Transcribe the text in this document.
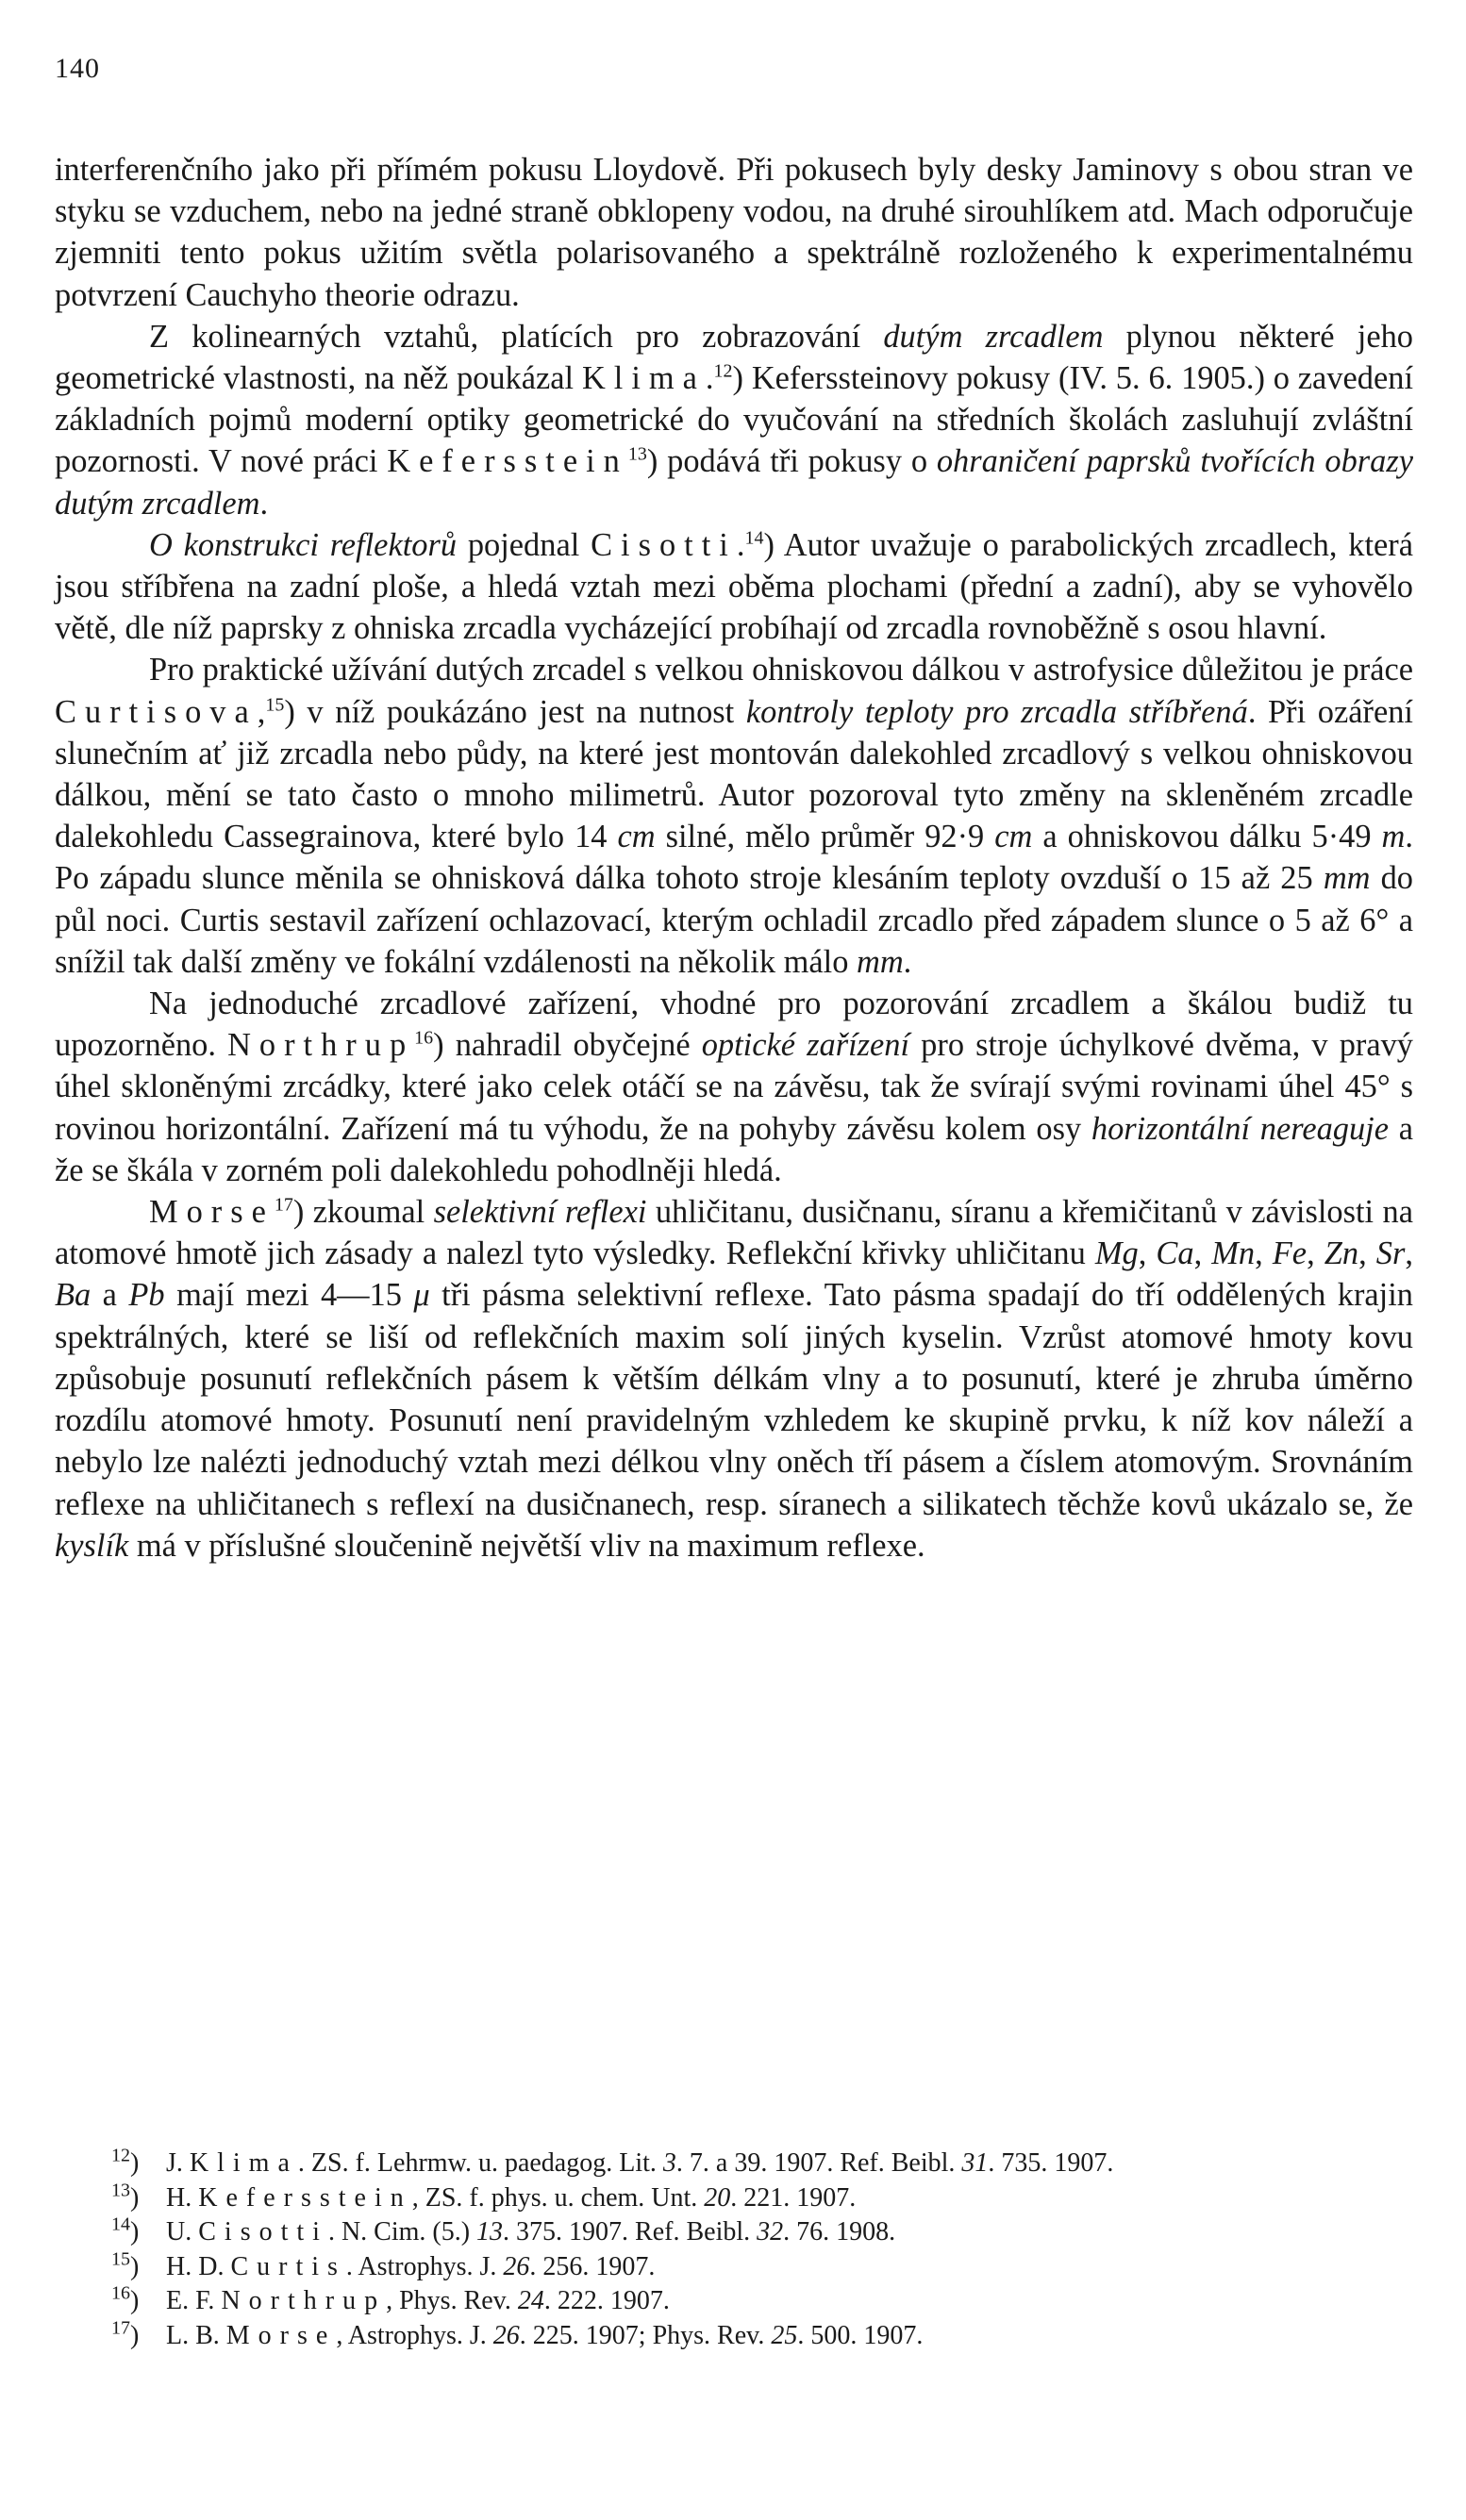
140

interferenčního jako při přímém pokusu Lloydově. Při pokusech byly desky Jaminovy s obou stran ve styku se vzduchem, nebo na jedné straně obklopeny vodou, na druhé sirouhlíkem atd. Mach odporučuje zjemniti tento pokus užitím světla polarisovaného a spektrálně rozloženého k experimentalnému potvrzení Cauchyho theorie odrazu.

Z kolinearných vztahů, platících pro zobrazování dutým zrcadlem plynou některé jeho geometrické vlastnosti, na něž poukázal Klima.$^{12}$) Keferssteinovy pokusy (IV. 5. 6. 1905.) o zavedení základních pojmů moderní optiky geometrické do vyučování na středních školách zasluhují zvláštní pozornosti. V nové práci Kefersstein$^{13}$) podává tři pokusy o ohraničení paprsků tvořících obrazy dutým zrcadlem.

O konstrukci reflektorů pojednal Cisotti.$^{14}$) Autor uvažuje o parabolických zrcadlech, která jsou stříbřena na zadní ploše, a hledá vztah mezi oběma plochami (přední a zadní), aby se vyhovělo větě, dle níž paprsky z ohniska zrcadla vycházející probíhají od zrcadla rovnoběžně s osou hlavní.

Pro praktické užívání dutých zrcadel s velkou ohniskovou dálkou v astrofysice důležitou je práce Curtisova,$^{15}$) v níž poukázáno jest na nutnost kontroly teploty pro zrcadla stříbřená. Při ozáření slunečním ať již zrcadla nebo půdy, na které jest montován dalekohled zrcadlový s velkou ohniskovou dálkou, mění se tato často o mnoho milimetrů. Autor pozoroval tyto změny na skleněném zrcadle dalekohledu Cassegrainova, které bylo 14 cm silné, mělo průměr 92·9 cm a ohniskovou dálku 5·49 m. Po západu slunce měnila se ohnisková dálka tohoto stroje klesáním teploty ovzduší o 15 až 25 mm do půl noci. Curtis sestavil zařízení ochlazovací, kterým ochladil zrcadlo před západem slunce o 5 až 6° a snížil tak další změny ve fokální vzdálenosti na několik málo mm.

Na jednoduché zrcadlové zařízení, vhodné pro pozorování zrcadlem a škálou budiž tu upozorněno. Northrup$^{16}$) nahradil obyčejné optické zařízení pro stroje úchylkové dvěma, v pravý úhel skloněnými zrcádky, které jako celek otáčí se na závěsu, tak že svírají svými rovinami úhel 45° s rovinou horizontální. Zařízení má tu výhodu, že na pohyby závěsu kolem osy horizontální nereaguje a že se škála v zorném poli dalekohledu pohodlněji hledá.

Morse$^{17}$) zkoumal selektivní reflexi uhličitanu, dusičnanu, síranu a křemičitanů v závislosti na atomové hmotě jich zásady a nalezl tyto výsledky. Reflekční křivky uhličitanu Mg, Ca, Mn, Fe, Zn, Sr, Ba a Pb mají mezi 4—15 μ tři pásma selektivní reflexe. Tato pásma spadají do tří oddělených krajin spektrálných, které se liší od reflekčních maxim solí jiných kyselin. Vzrůst atomové hmoty kovu způsobuje posunutí reflekčních pásem k větším délkám vlny a to posunutí, které je zhruba úměrno rozdílu atomové hmoty. Posunutí není pravidelným vzhledem ke skupině prvku, k níž kov náleží a nebylo lze nalézti jednoduchý vztah mezi délkou vlny oněch tří pásem a číslem atomovým. Srovnáním reflexe na uhličitanech s reflexí na dusičnanech, resp. síranech a silikatech těchže kovů ukázalo se, že kyslík má v příslušné sloučenině největší vliv na maximum reflexe.

$^{12}$) J. Klima. ZS. f. Lehrmw. u. paedagog. Lit. 3. 7. a 39. 1907. Ref. Beibl. 31. 735. 1907.

$^{13}$) H. Kefersstein, ZS. f. phys. u. chem. Unt. 20. 221. 1907.

$^{14}$) U. Cisotti. N. Cim. (5.) 13. 375. 1907. Ref. Beibl. 32. 76. 1908.

$^{15}$) H. D. Curtis. Astrophys. J. 26. 256. 1907.

$^{16}$) E. F. Northrup, Phys. Rev. 24. 222. 1907.

$^{17}$) L. B. Morse, Astrophys. J. 26. 225. 1907; Phys. Rev. 25. 500. 1907.
